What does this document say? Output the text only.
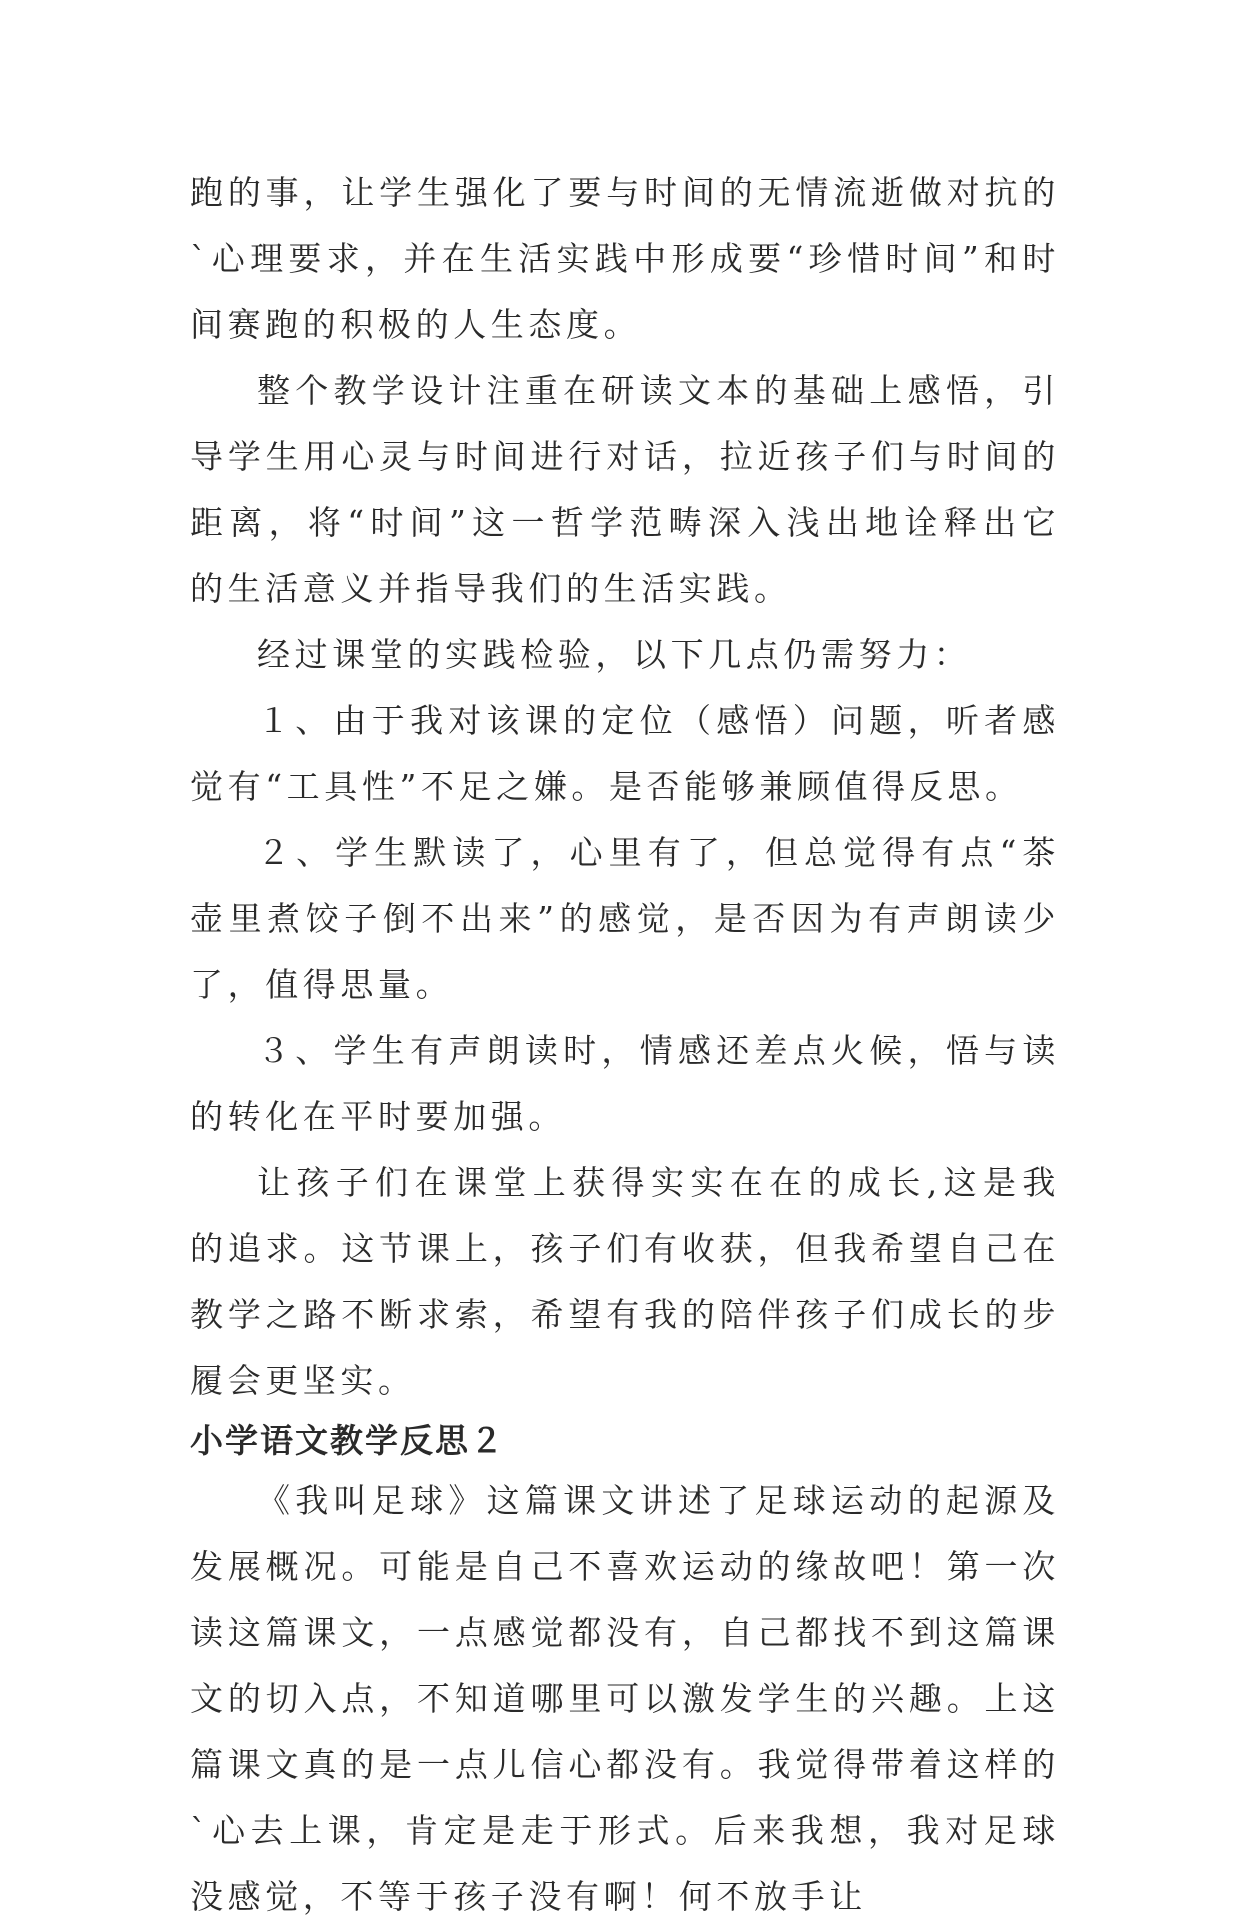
跑的事，让学生强化了要与时间的无情流逝做对抗的`心理要求，并在生活实践中形成要“珍惜时间”和时间赛跑的积极的人生态度。

整个教学设计注重在研读文本的基础上感悟，引导学生用心灵与时间进行对话，拉近孩子们与时间的距离，将“时间”这一哲学范畴深入浅出地诠释出它的生活意义并指导我们的生活实践。

经过课堂的实践检验，以下几点仍需努力：

１、由于我对该课的定位（感悟）问题，听者感觉有“工具性”不足之嫌。是否能够兼顾值得反思。

２、学生默读了，心里有了，但总觉得有点“茶壶里煮饺子倒不出来”的感觉，是否因为有声朗读少了，值得思量。

３、学生有声朗读时，情感还差点火候，悟与读的转化在平时要加强。

让孩子们在课堂上获得实实在在的成长,这是我的追求。这节课上，孩子们有收获，但我希望自己在教学之路不断求索，希望有我的陪伴孩子们成长的步履会更坚实。

小学语文教学反思２

《我叫足球》这篇课文讲述了足球运动的起源及发展概况。可能是自己不喜欢运动的缘故吧！第一次读这篇课文，一点感觉都没有，自己都找不到这篇课文的切入点，不知道哪里可以激发学生的兴趣。上这篇课文真的是一点儿信心都没有。我觉得带着这样的`心去上课，肯定是走于形式。后来我想，我对足球没感觉，不等于孩子没有啊！何不放手让
